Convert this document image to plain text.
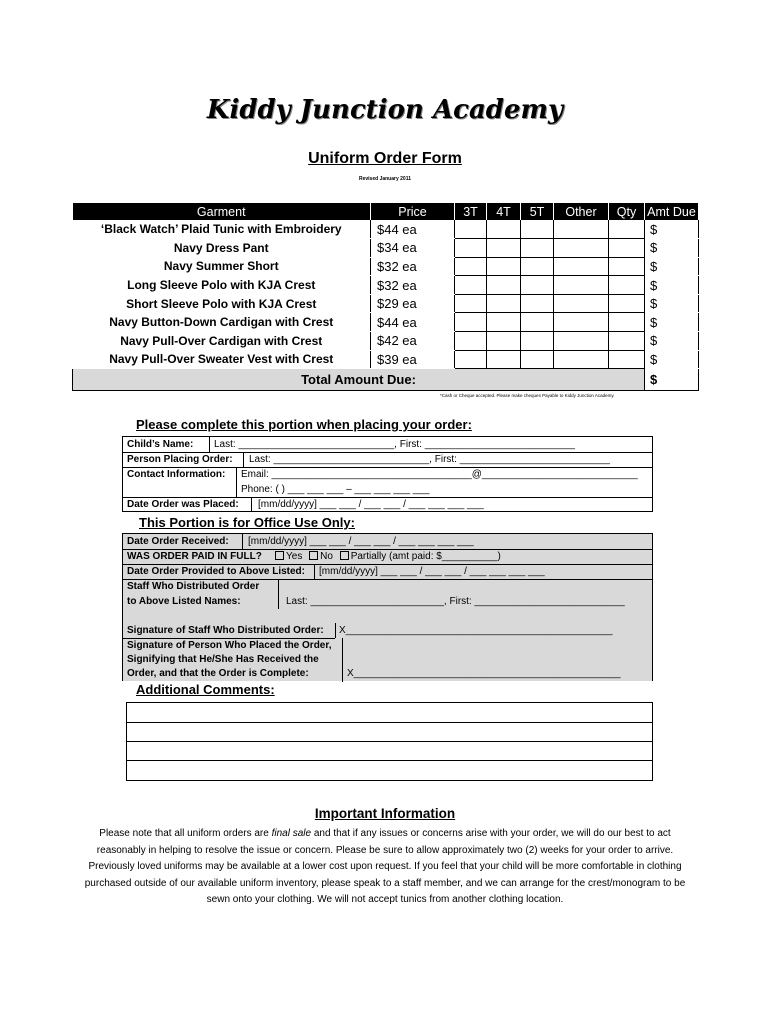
Kiddy Junction Academy
Uniform Order Form
Revised January 2011
Garment	Price	3T	4T	5T	Other	Qty	Amt Due
‘Black Watch’ Plaid Tunic with Embroidery	$44 ea						$
Navy Dress Pant	$34 ea						$
Navy Summer Short	$32 ea						$
Long Sleeve Polo with KJA Crest	$32 ea						$
Short Sleeve Polo with KJA Crest	$29 ea						$
Navy Button-Down Cardigan with Crest	$44 ea						$
Navy Pull-Over Cardigan with Crest	$42 ea						$
Navy Pull-Over Sweater Vest with Crest	$39 ea						$
Total Amount Due:							$
*Cash or Cheque accepted. Please make cheques Payable to Kiddy Junction Academy.
Please complete this portion when placing your order:
Child’s Name: Last: ____________________________, First: ___________________________
Person Placing Order: Last: ____________________________, First: ___________________________
Contact Information: Email: ____________________________________@____________________________
Phone: ( ) ___ ___ ___ – ___ ___ ___ ___
Date Order was Placed: [mm/dd/yyyy] ___ ___ / ___ ___ / ___ ___ ___ ___
This Portion is for Office Use Only:
Date Order Received: [mm/dd/yyyy] ___ ___ / ___ ___ / ___ ___ ___ ___
WAS ORDER PAID IN FULL?	Yes No Partially (amt paid: $__________)
Date Order Provided to Above Listed: [mm/dd/yyyy] ___ ___ / ___ ___ / ___ ___ ___ ___
Staff Who Distributed Order
to Above Listed Names:	Last: ________________________, First: ___________________________
Signature of Staff Who Distributed Order: X________________________________________________
Signature of Person Who Placed the Order,
Signifying that He/She Has Received the
Order, and that the Order is Complete:	X________________________________________________
Additional Comments:
Important Information
Please note that all uniform orders are final sale and that if any issues or concerns arise with your order, we will do our best to act reasonably in helping to resolve the issue or concern. Please be sure to allow approximately two (2) weeks for your order to arrive. Previously loved uniforms may be available at a lower cost upon request. If you feel that your child will be more comfortable in clothing purchased outside of our available uniform inventory, please speak to a staff member, and we can arrange for the crest/monogram to be sewn onto your clothing. We will not accept tunics from another clothing location.
